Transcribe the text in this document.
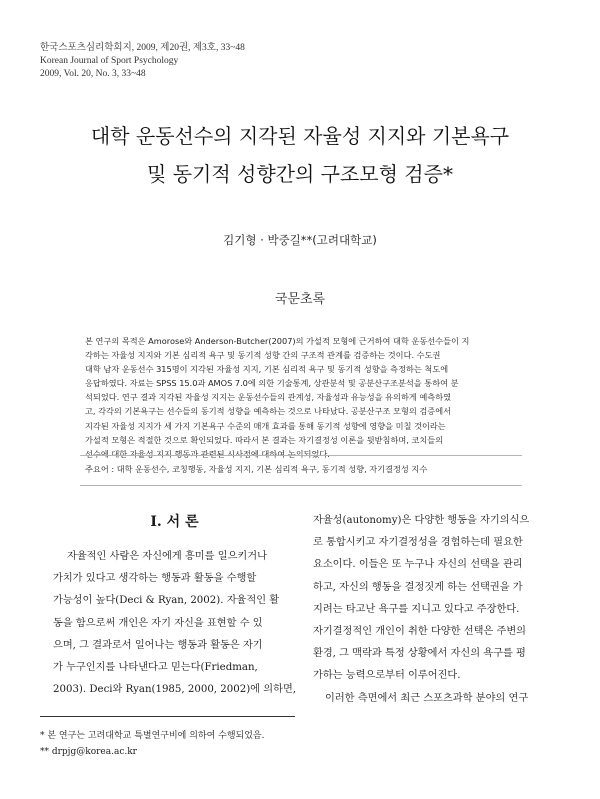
한국스포츠심리학회지, 2009, 제20권, 제3호, 33~48
Korean Journal of Sport Psychology
2009, Vol. 20, No. 3, 33~48
대학 운동선수의 지각된 자율성 지지와 기본욕구
및 동기적 성향간의 구조모형 검증*
김기형 · 박중길**(고려대학교)
국문초록
본 연구의 목적은 Amorose와 Anderson-Butcher(2007)의 가설적 모형에 근거하여 대학 운동선수들이 지
각하는 자율성 지지와 기본 심리적 욕구 및 동기적 성향 간의 구조적 관계를 검증하는 것이다. 수도권
대학 남자 운동선수 315명이 지각된 자율성 지지, 기본 심리적 욕구 및 동기적 성향을 측정하는 척도에
응답하였다. 자료는 SPSS 15.0과 AMOS 7.0에 의한 기술통계, 상관분석 및 공분산구조분석을 통하여 분
석되었다. 연구 결과 지각된 자율성 지지는 운동선수들의 관계성, 자율성과 유능성을 유의하게 예측하였
고, 각각의 기본욕구는 선수들의 동기적 성향을 예측하는 것으로 나타났다. 공분산구조 모형의 검증에서
지각된 자율성 지지가 세 가지 기본욕구 수준의 매개 효과를 통해 동기적 성향에 영향을 미칠 것이라는
가설적 모형은 적절한 것으로 확인되었다. 따라서 본 결과는 자기결정성 이론을 뒷받침하며, 코치들의
선수에 대한 자율성 지지 행동과 관련된 시사점에 대하여 논의되었다.
주요어 : 대학 운동선수, 코칭행동, 자율성 지지, 기본 심리적 욕구, 동기적 성향, 자기결정성 지수
I. 서 론
자율적인 사람은 자신에게 흥미를 일으키거나
가치가 있다고 생각하는 행동과 활동을 수행할
가능성이 높다(Deci & Ryan, 2002). 자율적인 활
동을 함으로써 개인은 자기 자신을 표현할 수 있
으며, 그 결과로서 일어나는 행동과 활동은 자기
가 누구인지를 나타낸다고 믿는다(Friedman,
2003). Deci와 Ryan(1985, 2000, 2002)에 의하면,
자율성(autonomy)은 다양한 행동을 자기의식으
로 통합시키고 자기결정성을 경험하는데 필요한
요소이다. 이들은 또 누구나 자신의 선택을 관리
하고, 자신의 행동을 결정짓게 하는 선택권을 가
지려는 타고난 욕구를 지니고 있다고 주장한다.
자기결정적인 개인이 취한 다양한 선택은 주변의
환경, 그 맥락과 특정 상황에서 자신의 욕구를 평
가하는 능력으로부터 이루어진다.
이러한 측면에서 최근 스포츠과학 분야의 연구
* 본 연구는 고려대학교 특별연구비에 의하여 수행되었음.
** drpjg@korea.ac.kr
